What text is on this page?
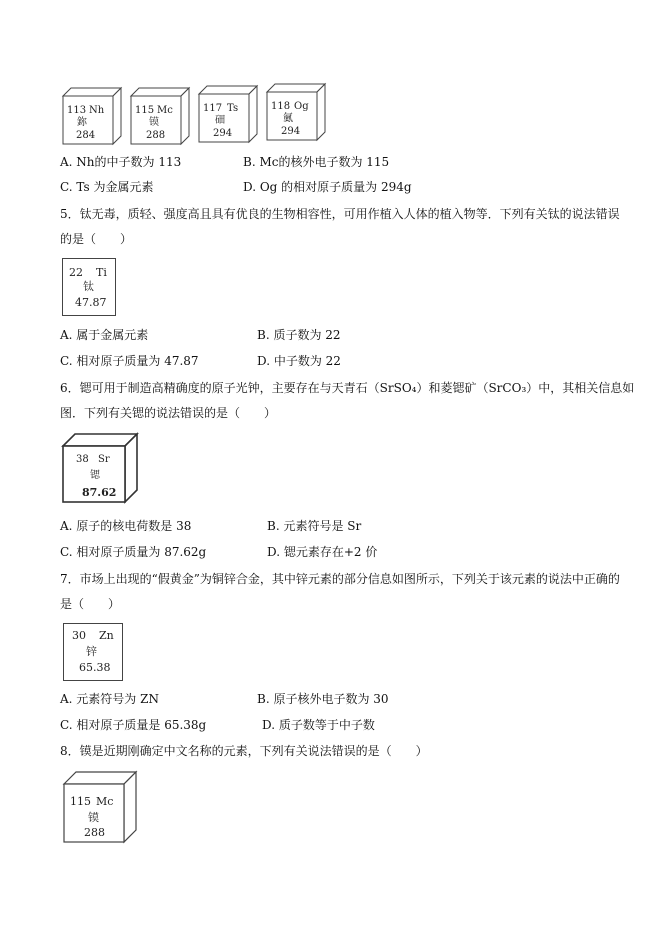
113 Nh
鉨
284
115 Mc
镆
288
117 Ts
鿬
294
118 Og
鿫
294
A. Nh的中子数为 113	B. Mc的核外电子数为 115
C. Ts 为金属元素	D. Og 的相对原子质量为 294g
5．钛无毒，质轻、强度高且具有优良的生物相容性，可用作植入人体的植入物等．下列有关钛的说法错误
的是（　　）
22 Ti
钛
47.87
A. 属于金属元素	B. 质子数为 22
C. 相对原子质量为 47.87	D. 中子数为 22
6．锶可用于制造高精确度的原子光钟，主要存在与天青石（SrSO₄）和菱锶矿（SrCO₃）中，其相关信息如
图．下列有关锶的说法错误的是（　　）
38 Sr
锶
87.62
A. 原子的核电荷数是 38	B. 元素符号是 Sr
C. 相对原子质量为 87.62g	D. 锶元素存在+2 价
7．市场上出现的“假黄金”为铜锌合金，其中锌元素的部分信息如图所示，下列关于该元素的说法中正确的
是（　　）
30 Zn
锌
65.38
A. 元素符号为 ZN	B. 原子核外电子数为 30
C. 相对原子质量是 65.38g	D. 质子数等于中子数
8．镆是近期刚确定中文名称的元素，下列有关说法错误的是（　　）
115 Mc
镆
288
